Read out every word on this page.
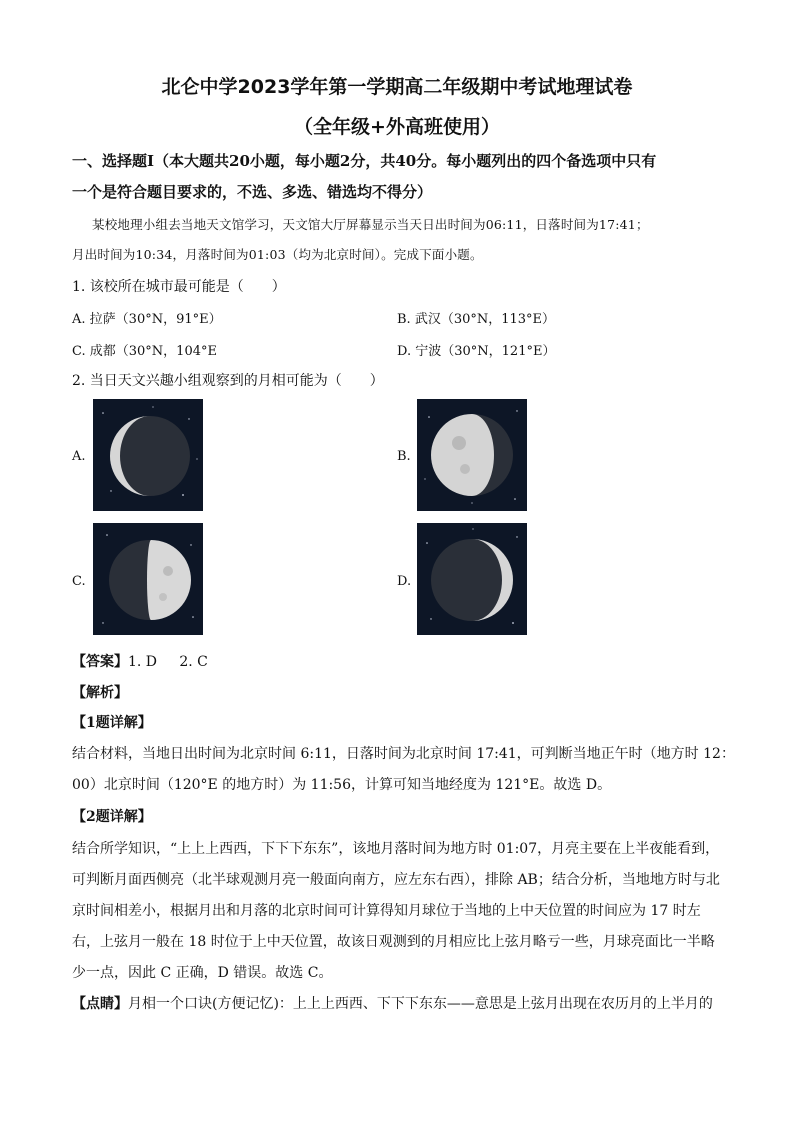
北仑中学2023学年第一学期高二年级期中考试地理试卷
（全年级+外高班使用）
一、选择题Ⅰ（本大题共20小题，每小题2分，共40分。每小题列出的四个备选项中只有
一个是符合题目要求的，不选、多选、错选均不得分）
某校地理小组去当地天文馆学习，天文馆大厅屏幕显示当天日出时间为06:11，日落时间为17:41；
月出时间为10:34，月落时间为01:03（均为北京时间）。完成下面小题。
1. 该校所在城市最可能是（　　）
A. 拉萨（30°N，91°E）	B. 武汉（30°N，113°E）
C. 成都（30°N，104°E	D. 宁波（30°N，121°E）
2. 当日天文兴趣小组观察到的月相可能为（　　）
A.	B.
C.	D.
【答案】1. D 2. C
【解析】
【1题详解】
结合材料，当地日出时间为北京时间 6:11，日落时间为北京时间 17:41，可判断当地正午时（地方时 12：
00）北京时间（120°E 的地方时）为 11:56，计算可知当地经度为 121°E。故选 D。
【2题详解】
结合所学知识，“上上上西西，下下下东东”，该地月落时间为地方时 01:07，月亮主要在上半夜能看到，
可判断月面西侧亮（北半球观测月亮一般面向南方，应左东右西），排除 AB；结合分析，当地地方时与北
京时间相差小，根据月出和月落的北京时间可计算得知月球位于当地的上中天位置的时间应为 17 时左
右，上弦月一般在 18 时位于上中天位置，故该日观测到的月相应比上弦月略亏一些，月球亮面比一半略
少一点，因此 C 正确，D 错误。故选 C。
【点睛】月相一个口诀(方便记忆)：上上上西西、下下下东东——意思是上弦月出现在农历月的上半月的
